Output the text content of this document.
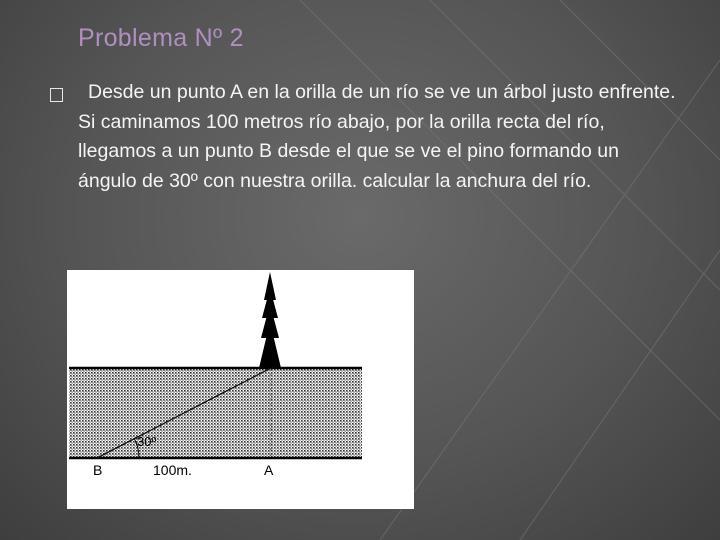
Problema Nº 2

Desde un punto A en la orilla de un río se ve un árbol justo enfrente. Si caminamos 100 metros río abajo, por la orilla recta del río, llegamos a un punto B desde el que se ve el pino formando un ángulo de 30º con nuestra orilla. calcular la anchura del río.

30º
B	100m.	A
